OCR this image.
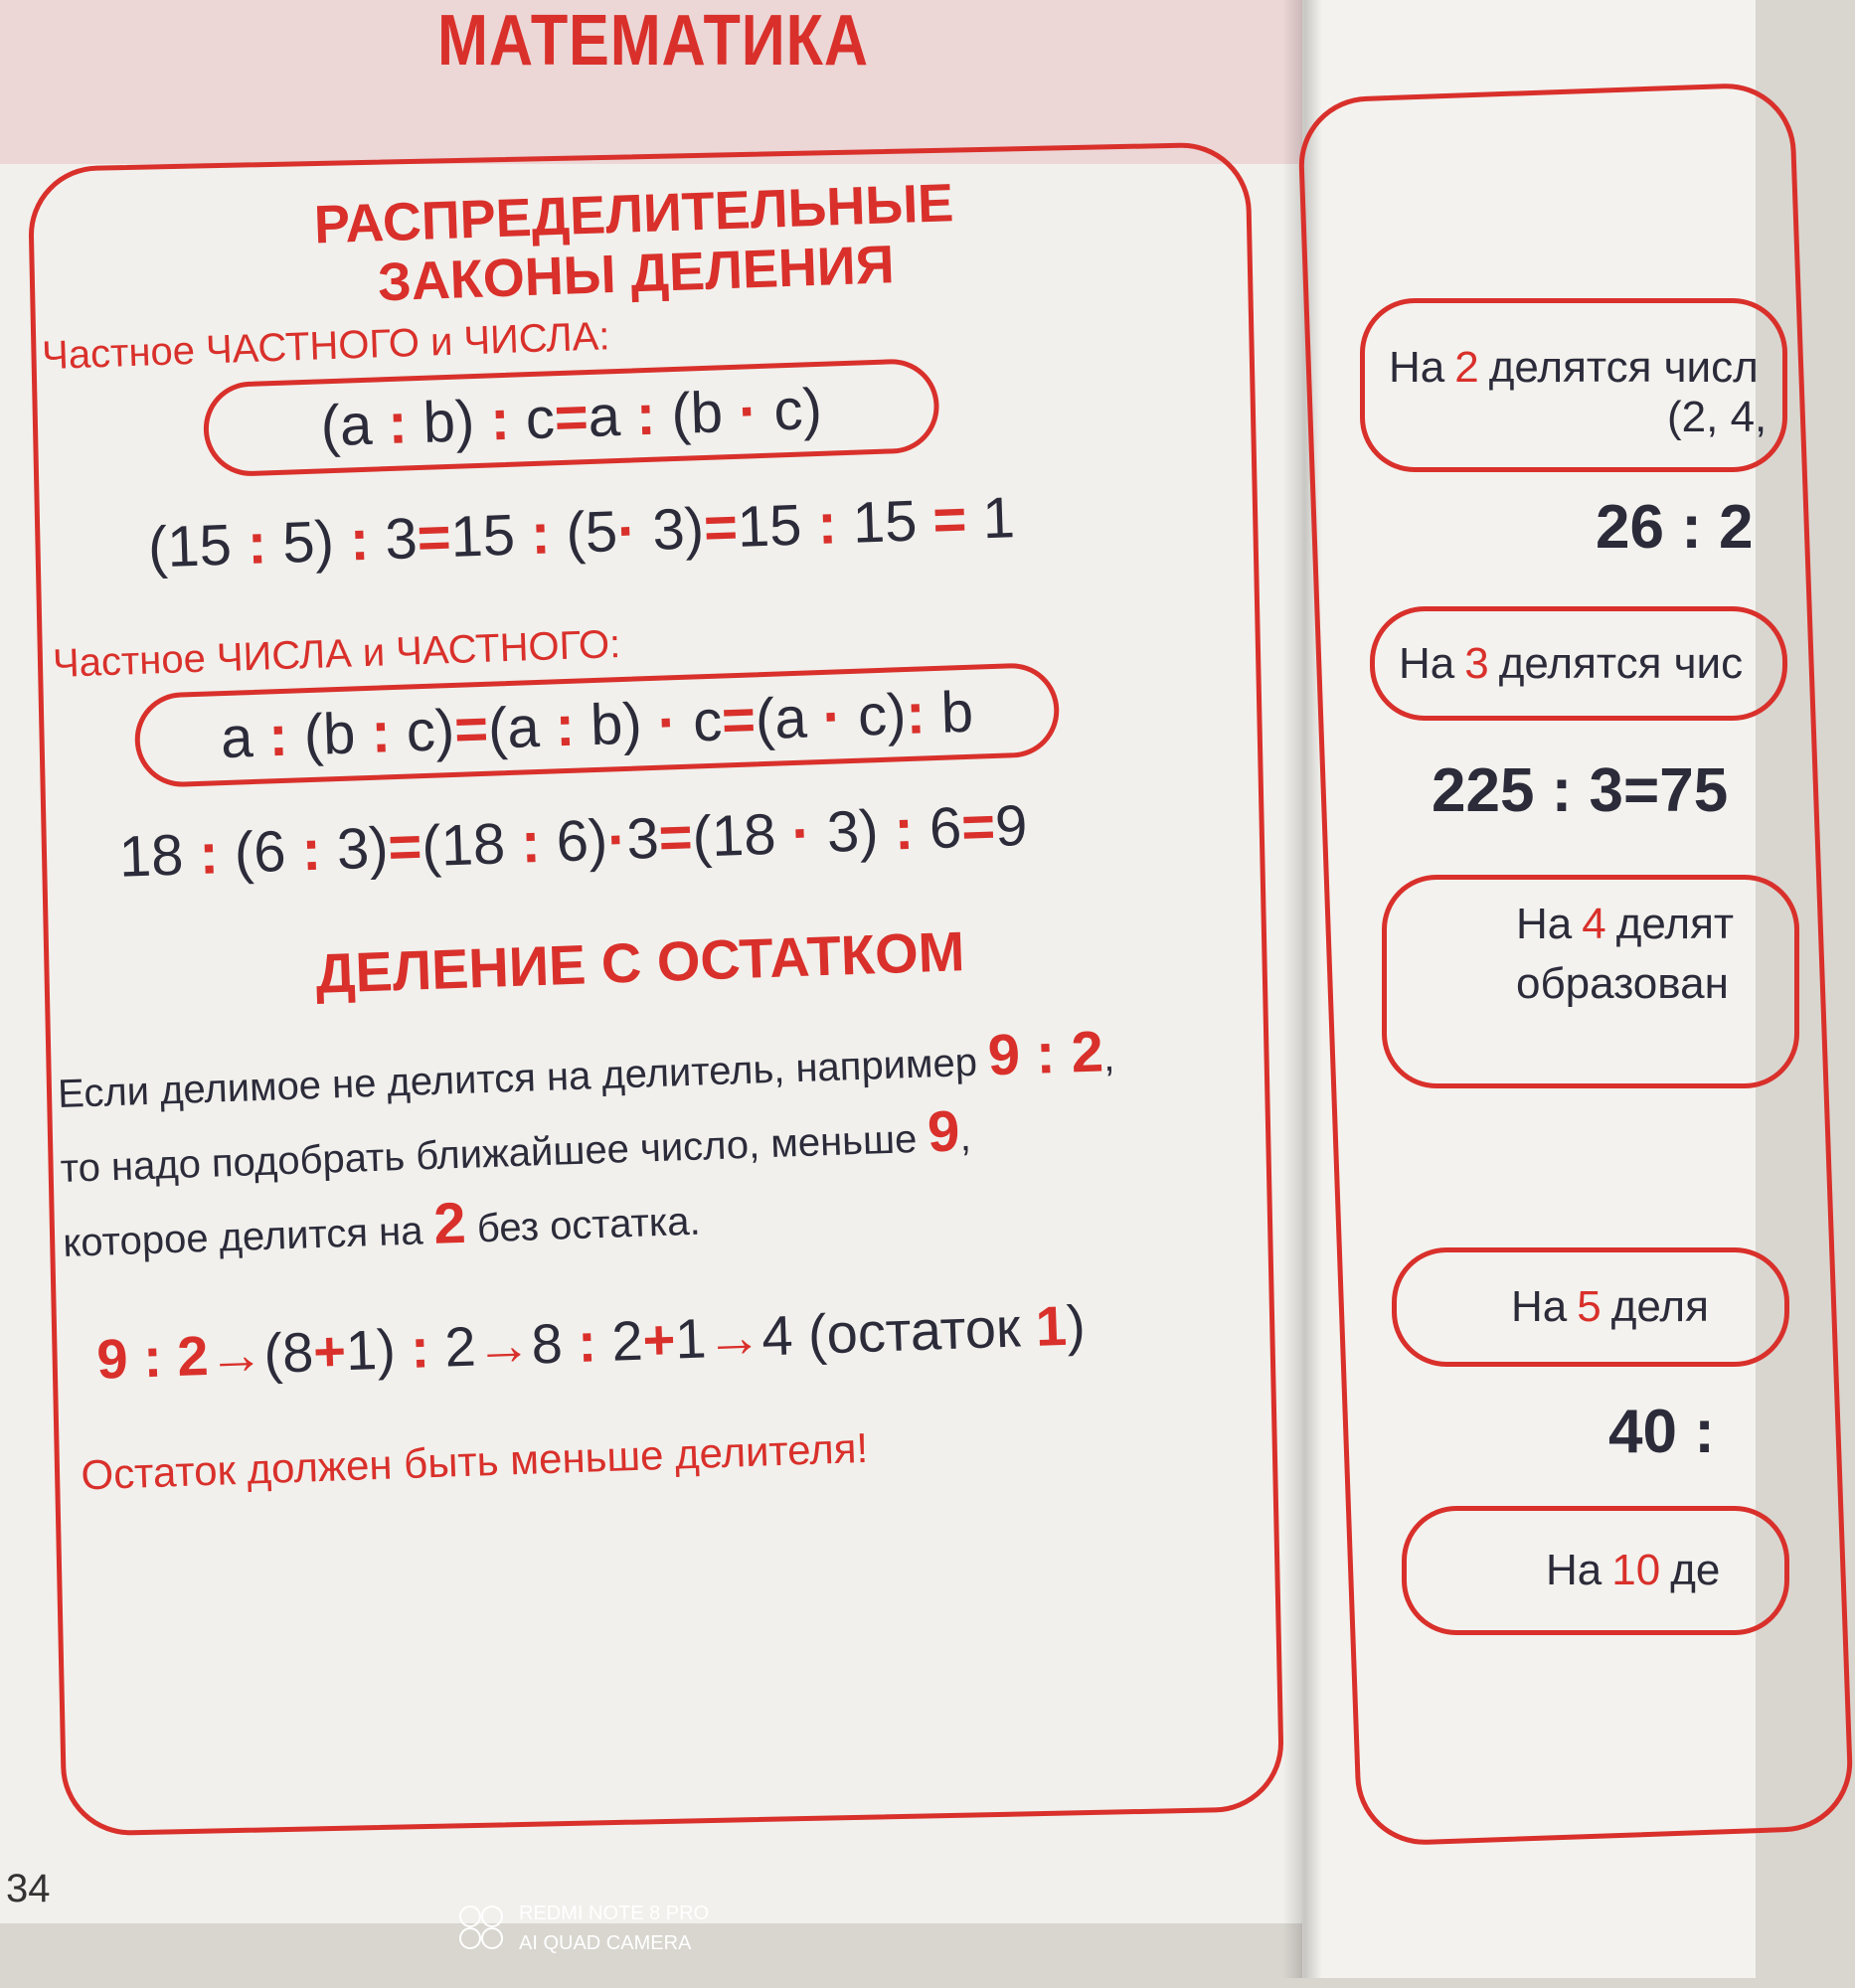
МАТЕМАТИКА
РАСПРЕДЕЛИТЕЛЬНЫЕ
ЗАКОНЫ ДЕЛЕНИЯ
Частное ЧАСТНОГО и ЧИСЛА:
(a : b) : c=a : (b · c)
(15 : 5) : 3=15 : (5· 3)=15 : 15 = 1
Частное ЧИСЛА и ЧАСТНОГО:
a : (b : c)=(a : b) · c=(a · c): b
18 : (6 : 3)=(18 : 6)·3=(18 · 3) : 6=9
ДЕЛЕНИЕ С ОСТАТКОМ
Если делимое не делится на делитель, например 9 : 2,
то надо подобрать ближайшее число, меньше 9,
которое делится на 2 без остатка.
9 : 2→(8+1) : 2→8 : 2+1→4 (остаток 1)
Остаток должен быть меньше делителя!
34
На 2 делятся числ
(2, 4,
26 : 2
На 3 делятся чис
225 : 3=75
На 4 делят
образован
На 5 деля
40 :
На 10 де
REDMI NOTE 8 PRO
AI QUAD CAMERA
